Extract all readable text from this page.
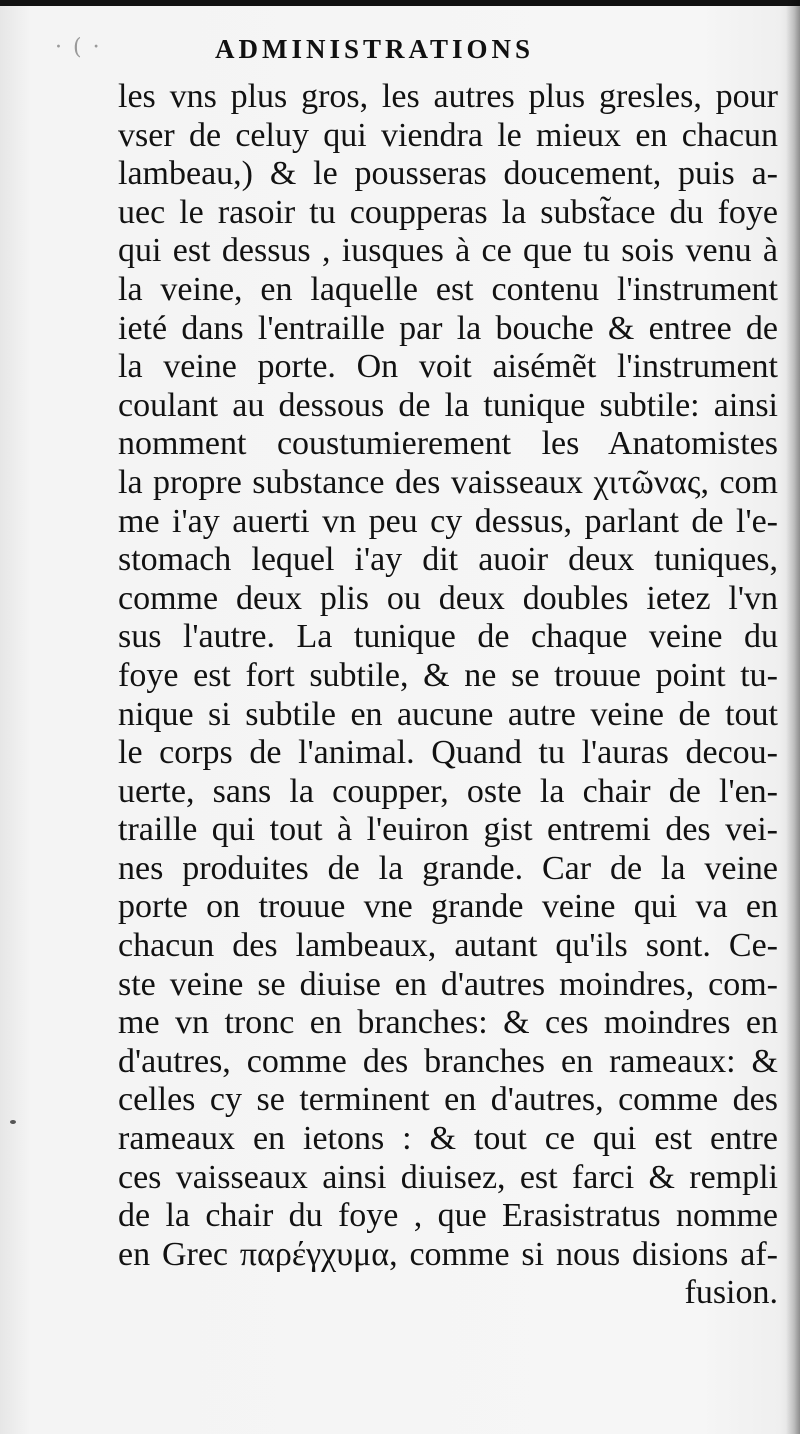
· ( ·	ADMINISTRATIONS
les vns plus gros, les autres plus gresles, pour
vser de celuy qui viendra le mieux en chacun
lambeau,) & le pousseras doucement, puis a-
uec le rasoir tu coupperas la subst̃ace du foye
qui est dessus , iusques à ce que tu sois venu à
la veine, en laquelle est contenu l'instrument
ieté dans l'entraille par la bouche & entree de
la veine porte. On voit aisémẽt l'instrument
coulant au dessous de la tunique subtile: ainsi
nomment coustumierement les Anatomistes
la propre substance des vaisseaux χιτῶνας, com
me i'ay auerti vn peu cy dessus, parlant de l'e-
stomach lequel i'ay dit auoir deux tuniques,
comme deux plis ou deux doubles ietez l'vn
sus l'autre. La tunique de chaque veine du
foye est fort subtile, & ne se trouue point tu-
nique si subtile en aucune autre veine de tout
le corps de l'animal. Quand tu l'auras decou-
uerte, sans la coupper, oste la chair de l'en-
traille qui tout à l'euiron gist entremi des vei-
nes produites de la grande. Car de la veine
porte on trouue vne grande veine qui va en
chacun des lambeaux, autant qu'ils sont. Ce-
ste veine se diuise en d'autres moindres, com-
me vn tronc en branches: & ces moindres en
d'autres, comme des branches en rameaux: &
celles cy se terminent en d'autres, comme des
rameaux en ietons : & tout ce qui est entre
ces vaisseaux ainsi diuisez, est farci & rempli
de la chair du foye , que Erasistratus nomme
en Grec παρέγχυμα, comme si nous disions af-
fusion.
